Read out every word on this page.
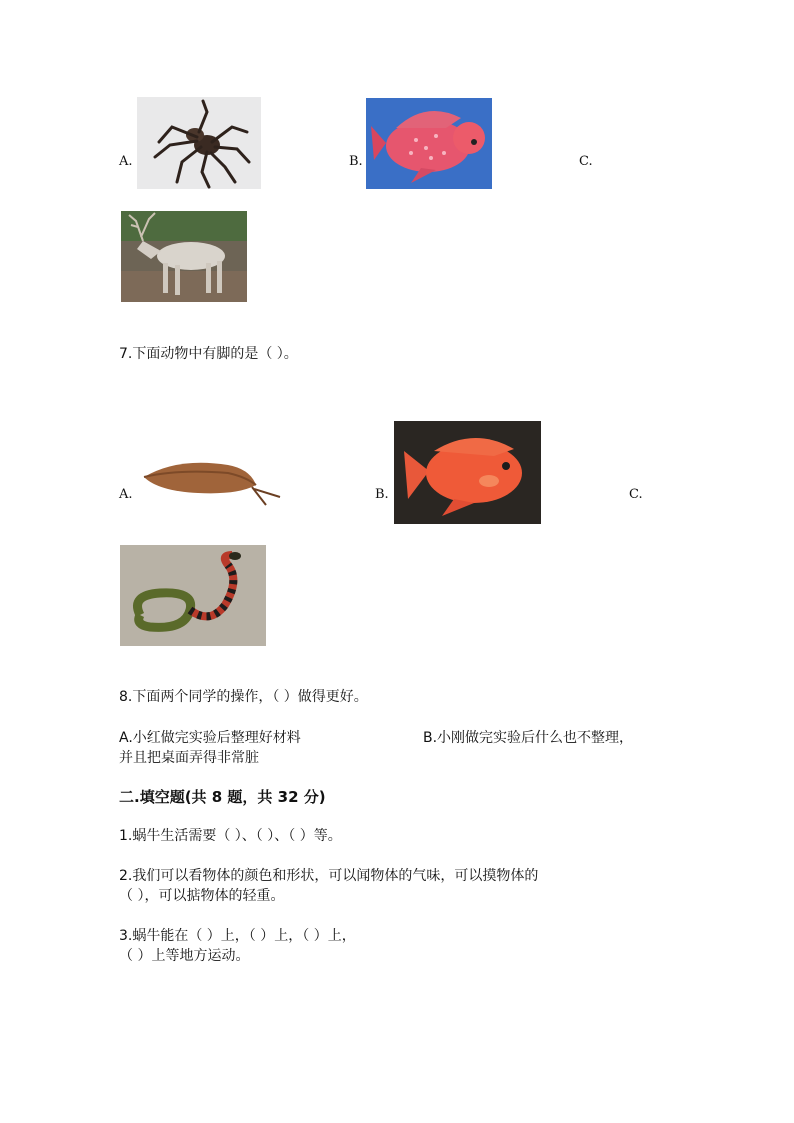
A.	B.	C.
7.下面动物中有脚的是（ ）。
A.	B.	C.
8.下面两个同学的操作，（ ）做得更好。
A.小红做完实验后整理好材料	B.小刚做完实验后什么也不整理，
并且把桌面弄得非常脏
二.填空题(共 8 题，共 32 分)
1.蜗牛生活需要（ ）、（ ）、（ ）等。
2.我们可以看物体的颜色和形状，可以闻物体的气味，可以摸物体的
（ ），可以掂物体的轻重。
3.蜗牛能在（ ）上，（ ）上，（ ）上，
（ ）上等地方运动。
